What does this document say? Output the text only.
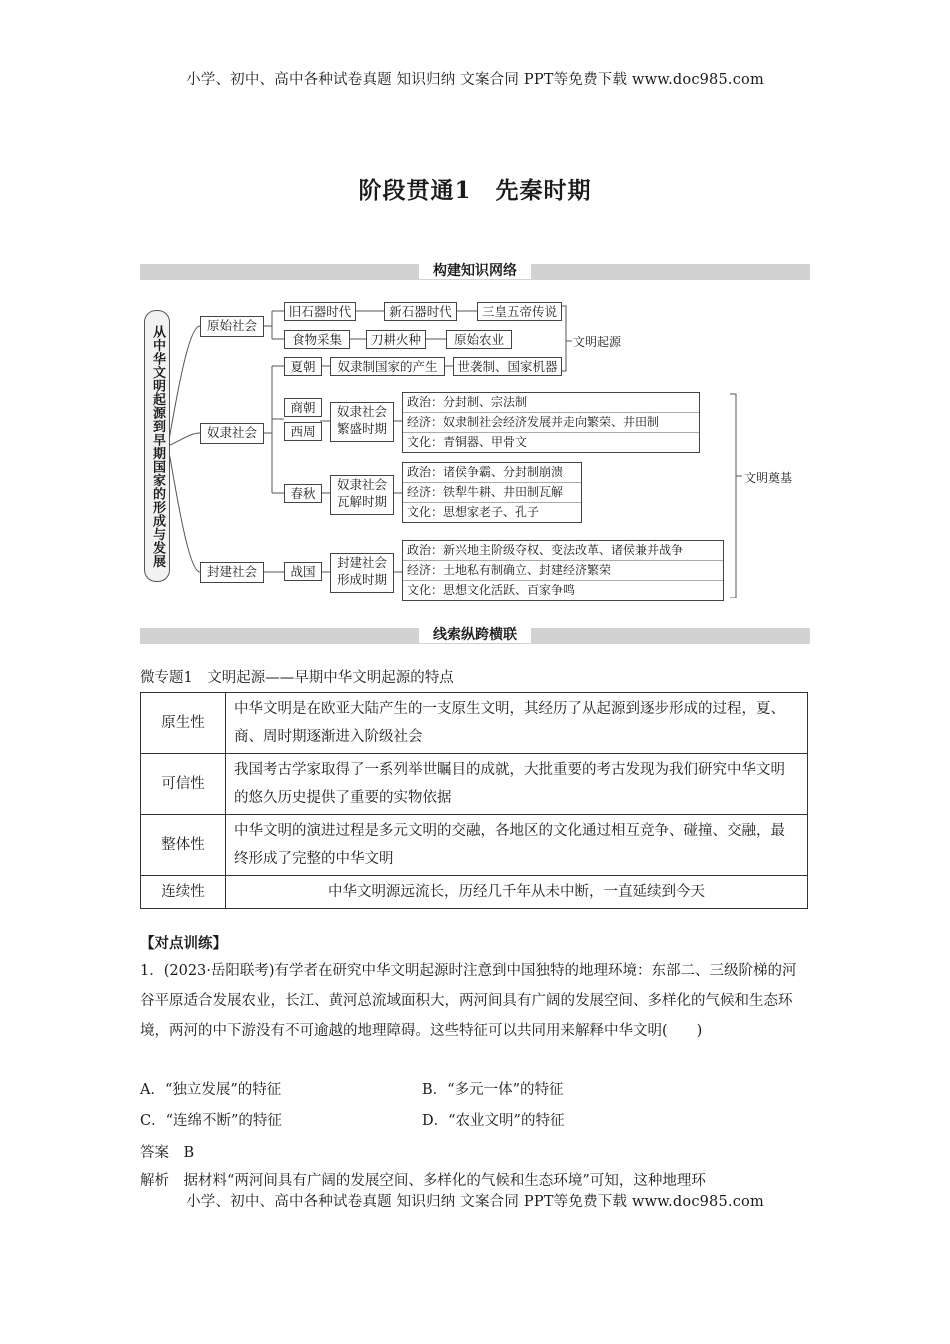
小学、初中、高中各种试卷真题 知识归纳 文案合同 PPT等免费下载 www.doc985.com
阶段贯通1　先秦时期
构建知识网络
从中华文明起源到早期国家的形成与发展	原始社会
奴隶社会
封建社会
旧石器时代	新石器时代	三皇五帝传说
食物采集	刀耕火种	原始农业	文明起源
夏朝	奴隶制国家的产生	世袭制、国家机器
商朝
西周
奴隶社会繁盛时期
政治：分封制、宗法制
经济：奴隶制社会经济发展并走向繁荣、井田制
文化：青铜器、甲骨文
春秋
奴隶社会瓦解时期
政治：诸侯争霸、分封制崩溃
经济：铁犁牛耕、井田制瓦解
文化：思想家老子、孔子
文明奠基
战国
封建社会形成时期
政治：新兴地主阶级夺权、变法改革、诸侯兼并战争
经济：土地私有制确立、封建经济繁荣
文化：思想文化活跃、百家争鸣
线索纵跨横联
微专题1　文明起源——早期中华文明起源的特点
原生性	中华文明是在欧亚大陆产生的一支原生文明，其经历了从起源到逐步形成的过程，夏、商、周时期逐渐进入阶级社会
可信性	我国考古学家取得了一系列举世瞩目的成就，大批重要的考古发现为我们研究中华文明的悠久历史提供了重要的实物依据
整体性	中华文明的演进过程是多元文明的交融，各地区的文化通过相互竞争、碰撞、交融，最终形成了完整的中华文明
连续性	中华文明源远流长，历经几千年从未中断，一直延续到今天
【对点训练】
1．(2023·岳阳联考)有学者在研究中华文明起源时注意到中国独特的地理环境：东部二、三级阶梯的河谷平原适合发展农业，长江、黄河总流域面积大，两河间具有广阔的发展空间、多样化的气候和生态环境，两河的中下游没有不可逾越的地理障碍。这些特征可以共同用来解释中华文明(　　)
A．“独立发展”的特征	B．“多元一体”的特征
C．“连绵不断”的特征	D．“农业文明”的特征
答案　B
解析　据材料“两河间具有广阔的发展空间、多样化的气候和生态环境”可知，这种地理环
小学、初中、高中各种试卷真题 知识归纳 文案合同 PPT等免费下载 www.doc985.com
